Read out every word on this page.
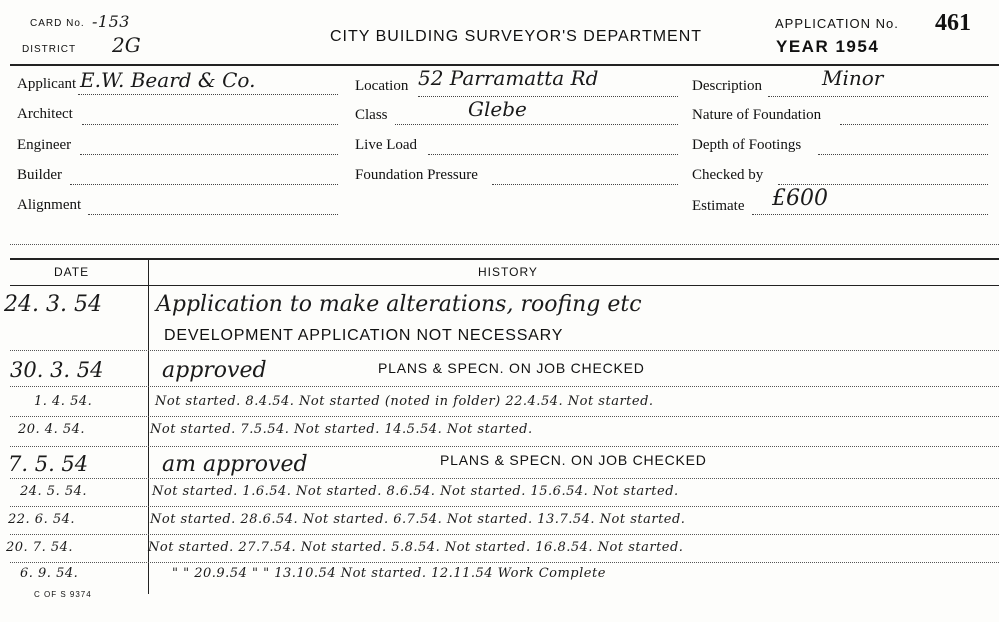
CARD No. -153
DISTRICT 2G	CITY BUILDING SURVEYOR'S DEPARTMENT
APPLICATION No. 461
YEAR 1954
Applicant E.W. Beard & Co.
Architect
Engineer
Builder
Alignment
Location 52 Parramatta Rd
Class	Glebe
Live Load
Foundation Pressure
Description	Minor
Nature of Foundation
Depth of Footings
Checked by
Estimate £600
DATE	HISTORY
24. 3. 54 Application to make alterations, roofing etc
DEVELOPMENT APPLICATION NOT NECESSARY
30. 3. 54	approved	PLANS & SPECN. ON JOB CHECKED
1. 4. 54.	Not started. 8.4.54. Not started (noted in folder) 22.4.54. Not started.
20. 4. 54.	Not started. 7.5.54. Not started. 14.5.54. Not started.
7. 5. 54	am approved	PLANS & SPECN. ON JOB CHECKED
24. 5. 54.	Not started. 1.6.54. Not started. 8.6.54. Not started. 15.6.54. Not started.
22. 6. 54.	Not started. 28.6.54. Not started. 6.7.54. Not started. 13.7.54. Not started.
20. 7. 54.	Not started. 27.7.54. Not started. 5.8.54. Not started. 16.8.54. Not started.
6. 9. 54.	" " 20.9.54 " " 13.10.54 Not started. 12.11.54 Work Complete
C OF S 9374
